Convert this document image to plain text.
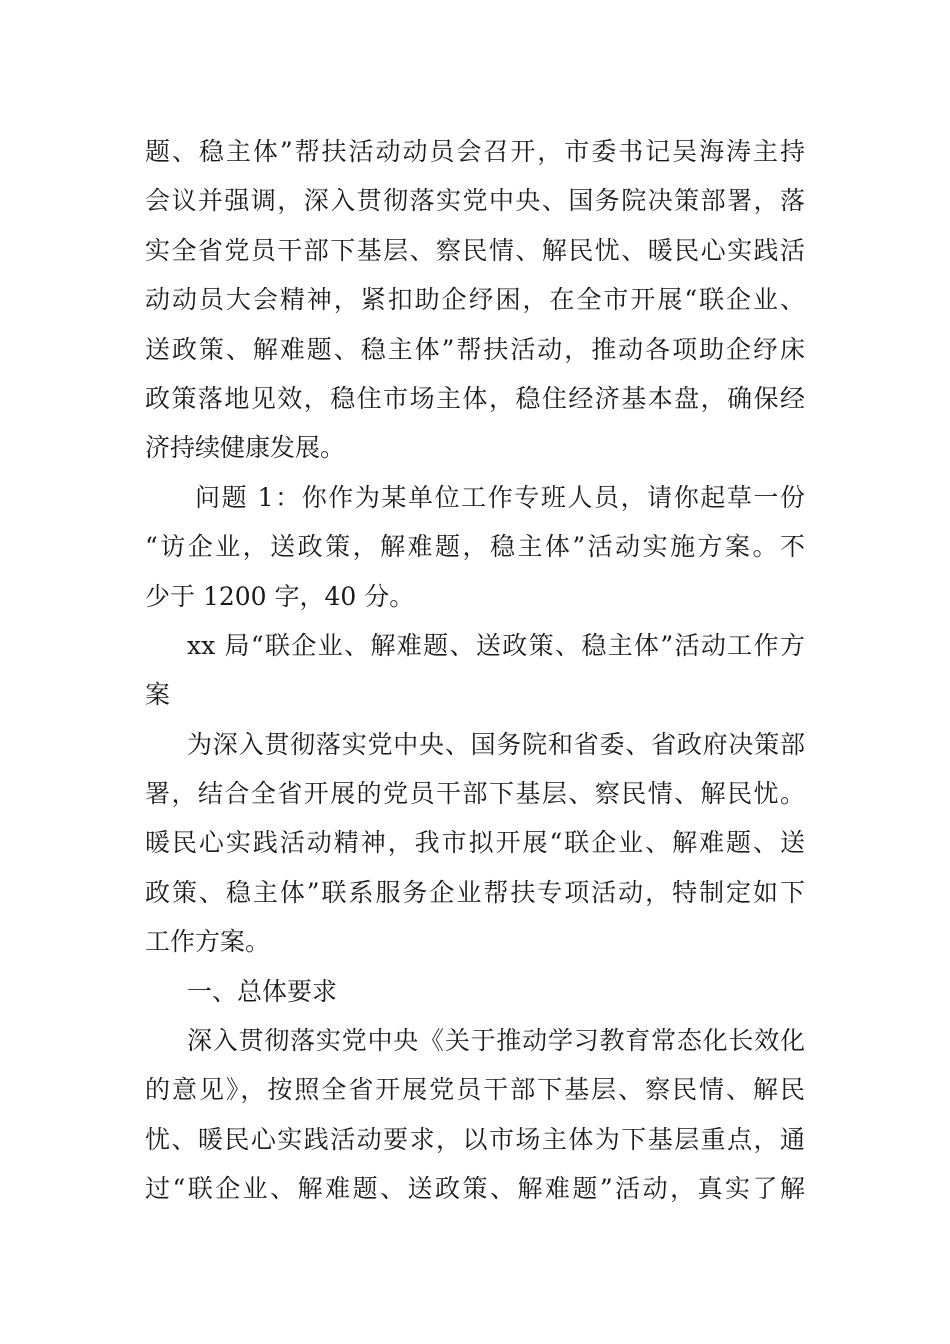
题、稳主体”帮扶活动动员会召开，市委书记吴海涛主持
会议并强调，深入贯彻落实党中央、国务院决策部署，落
实全省党员干部下基层、察民情、解民忧、暖民心实践活
动动员大会精神，紧扣助企纾困，在全市开展“联企业、
送政策、解难题、稳主体”帮扶活动，推动各项助企纾床
政策落地见效，稳住市场主体，稳住经济基本盘，确保经
济持续健康发展。

问题 1：你作为某单位工作专班人员，请你起草一份
“访企业，送政策，解难题，稳主体”活动实施方案。不
少于 1200 字，40 分。

xx 局“联企业、解难题、送政策、稳主体”活动工作方
案

为深入贯彻落实党中央、国务院和省委、省政府决策部
署，结合全省开展的党员干部下基层、察民情、解民忧。
暖民心实践活动精神，我市拟开展“联企业、解难题、送
政策、稳主体”联系服务企业帮扶专项活动，特制定如下
工作方案。

一、总体要求

深入贯彻落实党中央《关于推动学习教育常态化长效化
的意见》，按照全省开展党员干部下基层、察民情、解民
忧、暖民心实践活动要求，以市场主体为下基层重点，通
过“联企业、解难题、送政策、解难题”活动，真实了解
